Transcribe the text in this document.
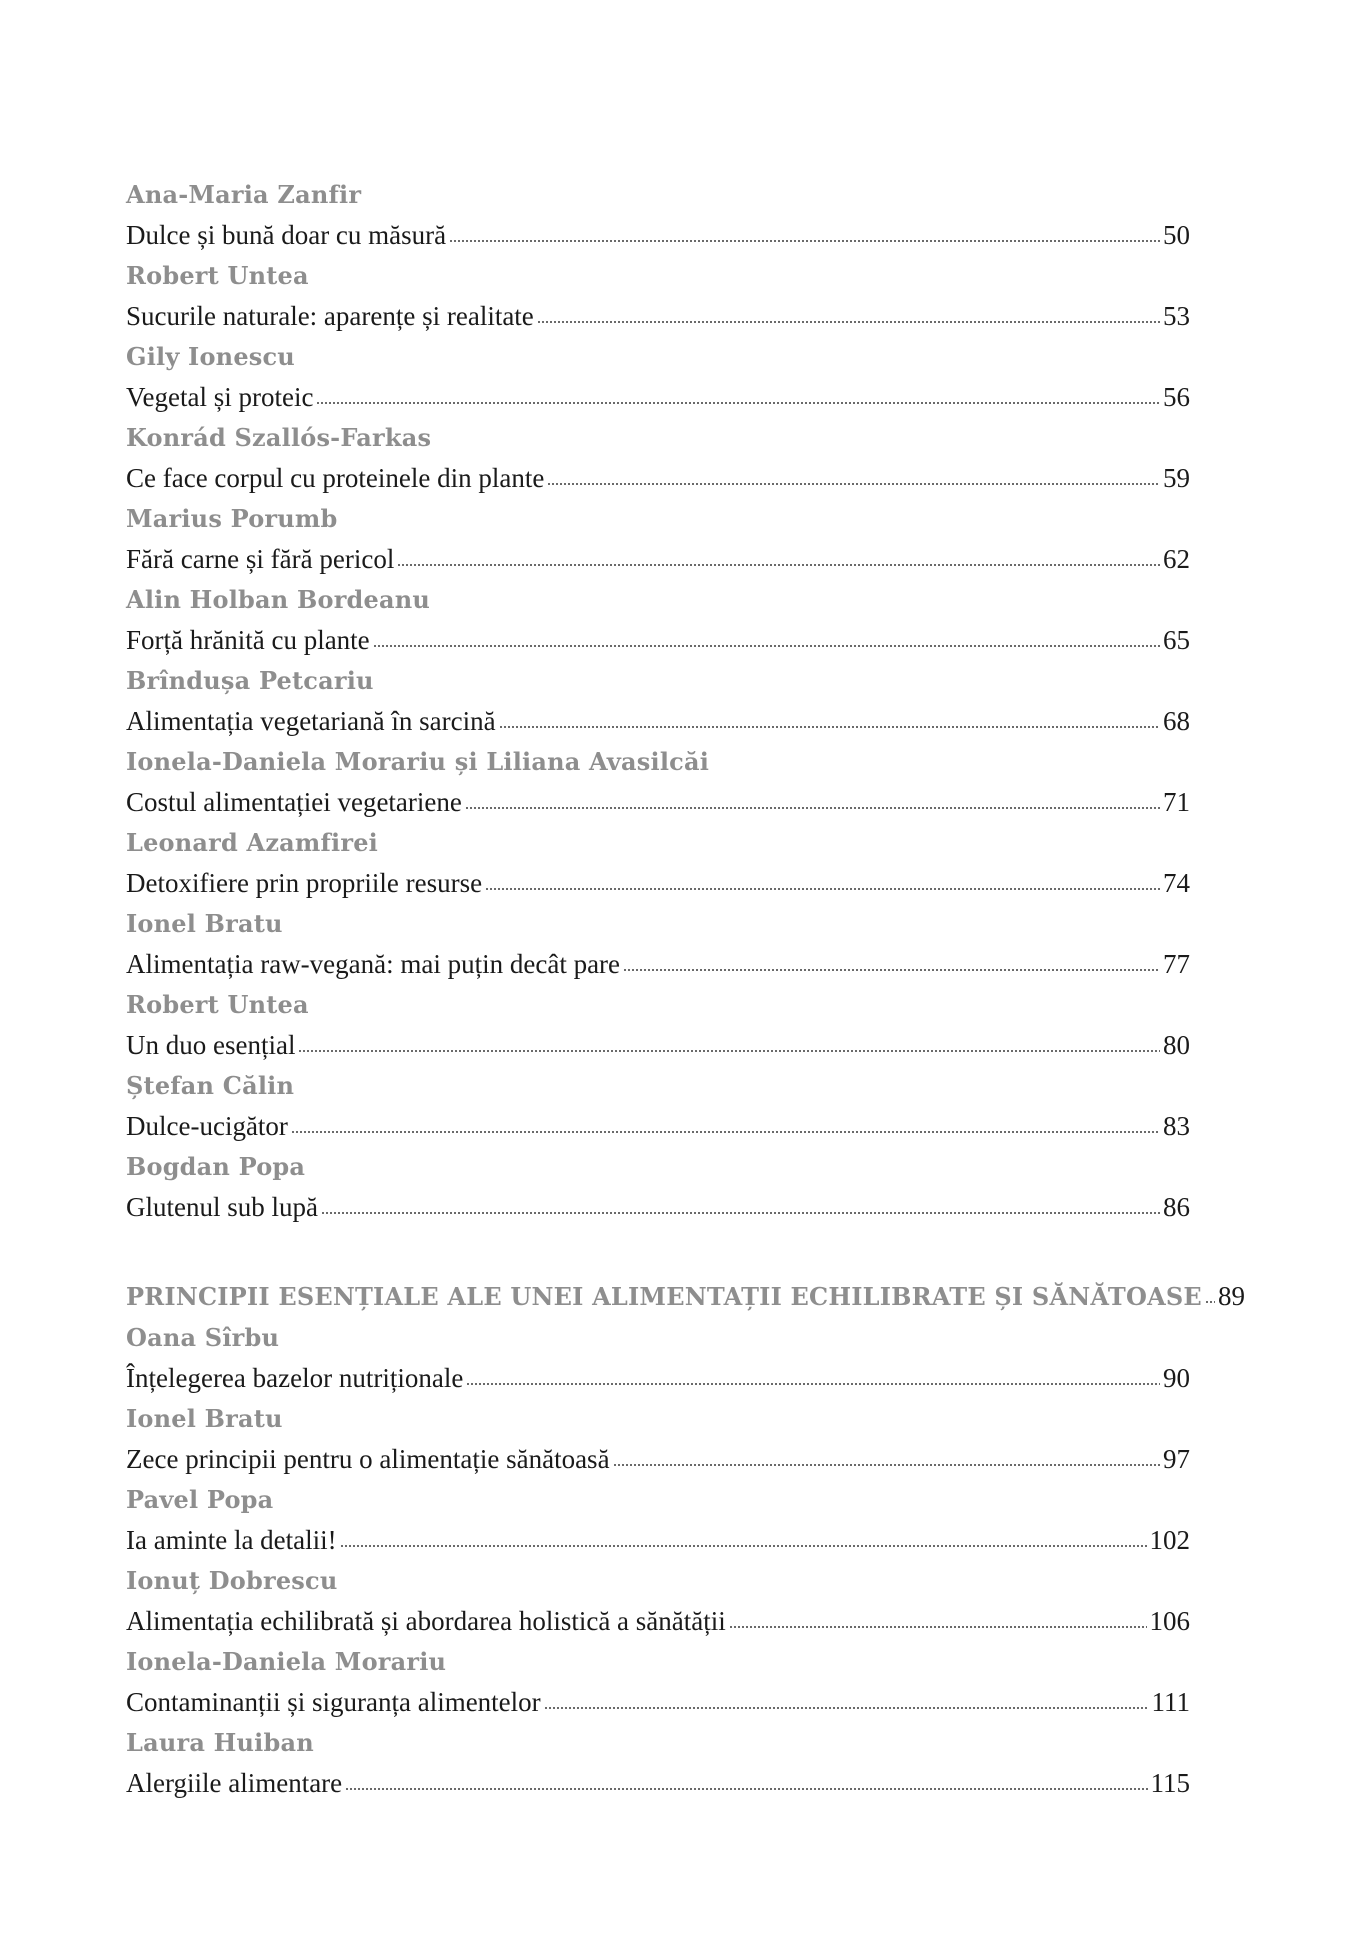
Ana-Maria Zanfir
Dulce și bună doar cu măsură	50
Robert Untea
Sucurile naturale: aparențe și realitate	53
Gily Ionescu
Vegetal și proteic	56
Konrád Szallós-Farkas
Ce face corpul cu proteinele din plante	59
Marius Porumb
Fără carne și fără pericol	62
Alin Holban Bordeanu
Forță hrănită cu plante	65
Brîndușa Petcariu
Alimentația vegetariană în sarcină	68
Ionela-Daniela Morariu și Liliana Avasilcăi
Costul alimentației vegetariene	71
Leonard Azamfirei
Detoxifiere prin propriile resurse	74
Ionel Bratu
Alimentația raw-vegană: mai puțin decât pare	77
Robert Untea
Un duo esențial	80
Ștefan Călin
Dulce-ucigător	83
Bogdan Popa
Glutenul sub lupă	86
PRINCIPII ESENȚIALE ALE UNEI ALIMENTAȚII ECHILIBRATE ȘI SĂNĂTOASE 89
Oana Sîrbu
Înțelegerea bazelor nutriționale	90
Ionel Bratu
Zece principii pentru o alimentație sănătoasă	97
Pavel Popa
Ia aminte la detalii!	102
Ionuț Dobrescu
Alimentația echilibrată și abordarea holistică a sănătății	106
Ionela-Daniela Morariu
Contaminanții și siguranța alimentelor	111
Laura Huiban
Alergiile alimentare	115
